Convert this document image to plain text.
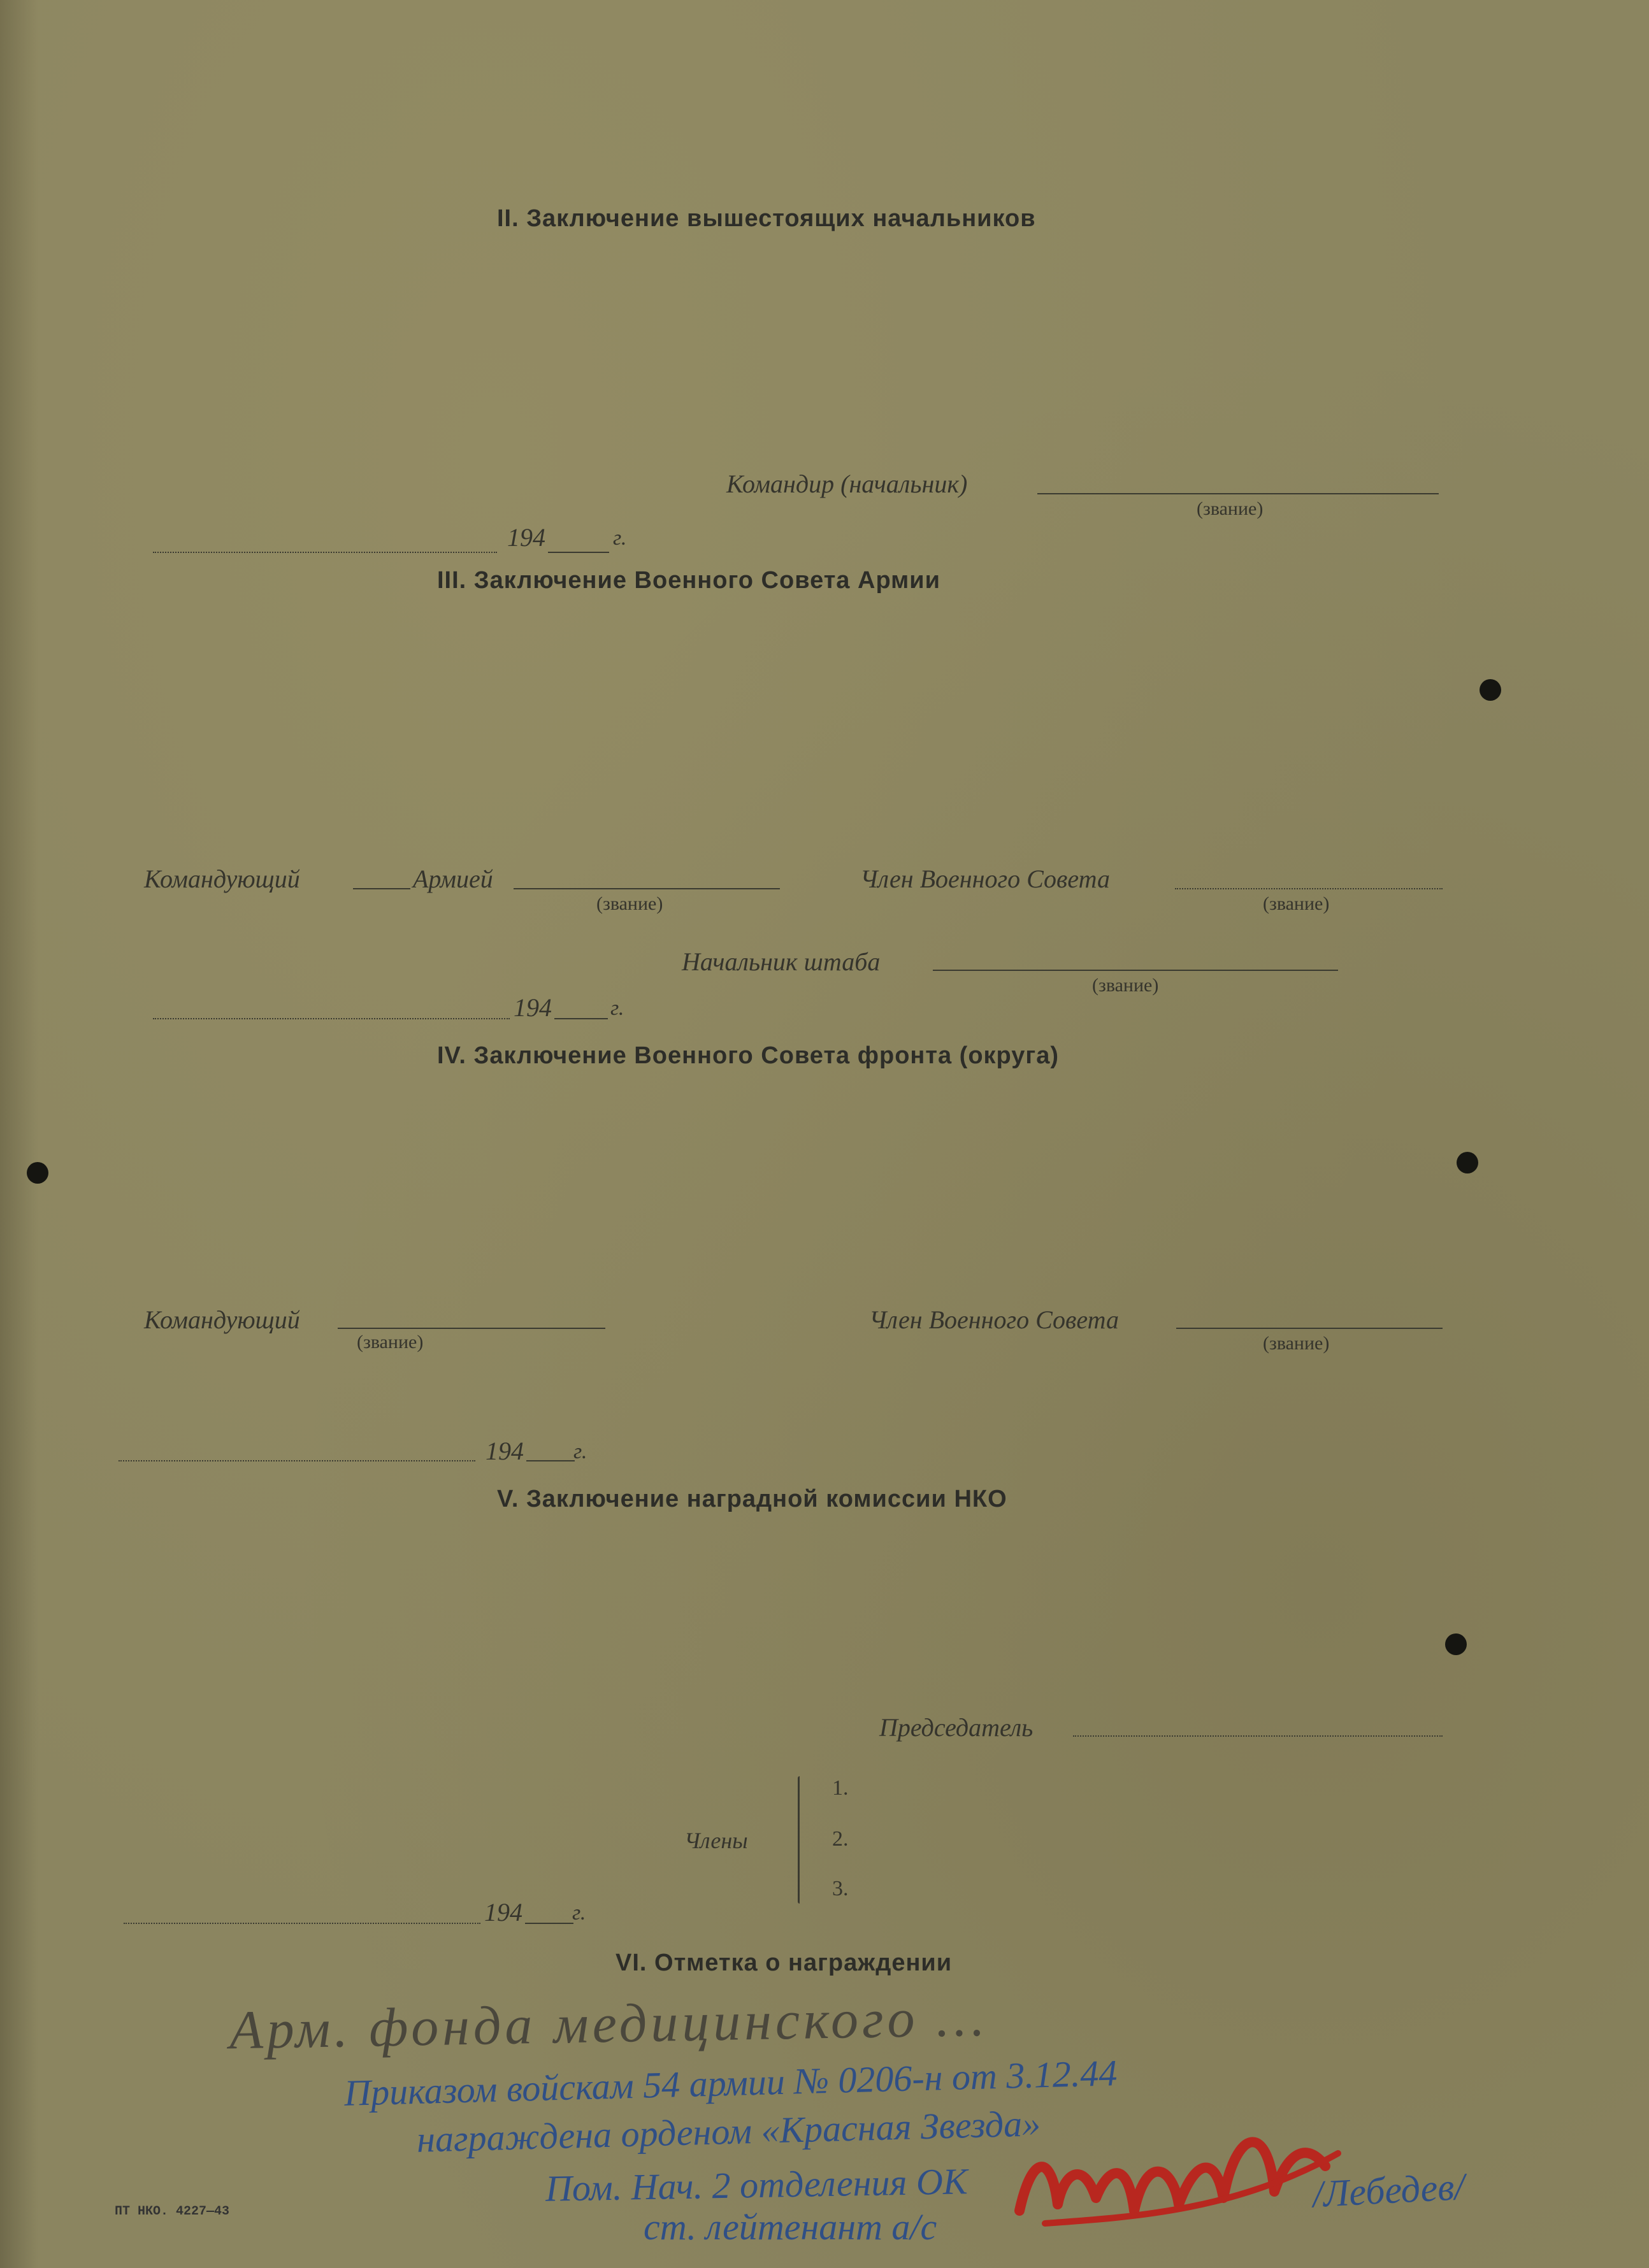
II. Заключение вышестоящих начальников
Командир (начальник)
(звание)
194	г.
III. Заключение Военного Совета Армии
Командующий	Армией
(звание)
Член Военного Совета
(звание)
Начальник штаба
(звание)
194	г.
IV. Заключение Военного Совета фронта (округа)
Командующий
(звание)
Член Военного Совета
(звание)
194 г.
V. Заключение наградной комиссии НКО
Председатель
Члены
1.
2.
3.
194 г.
VI. Отметка о награждении
Арм. фонда медицинского ...
Приказом войскам 54 армии № 0206-н от 3.12.44
награждена орденом «Красная Звезда»
Пом. Нач. 2 отделения ОК
ст. лейтенант а/с
/Лебедев/
ПТ НКО. 4227—43
